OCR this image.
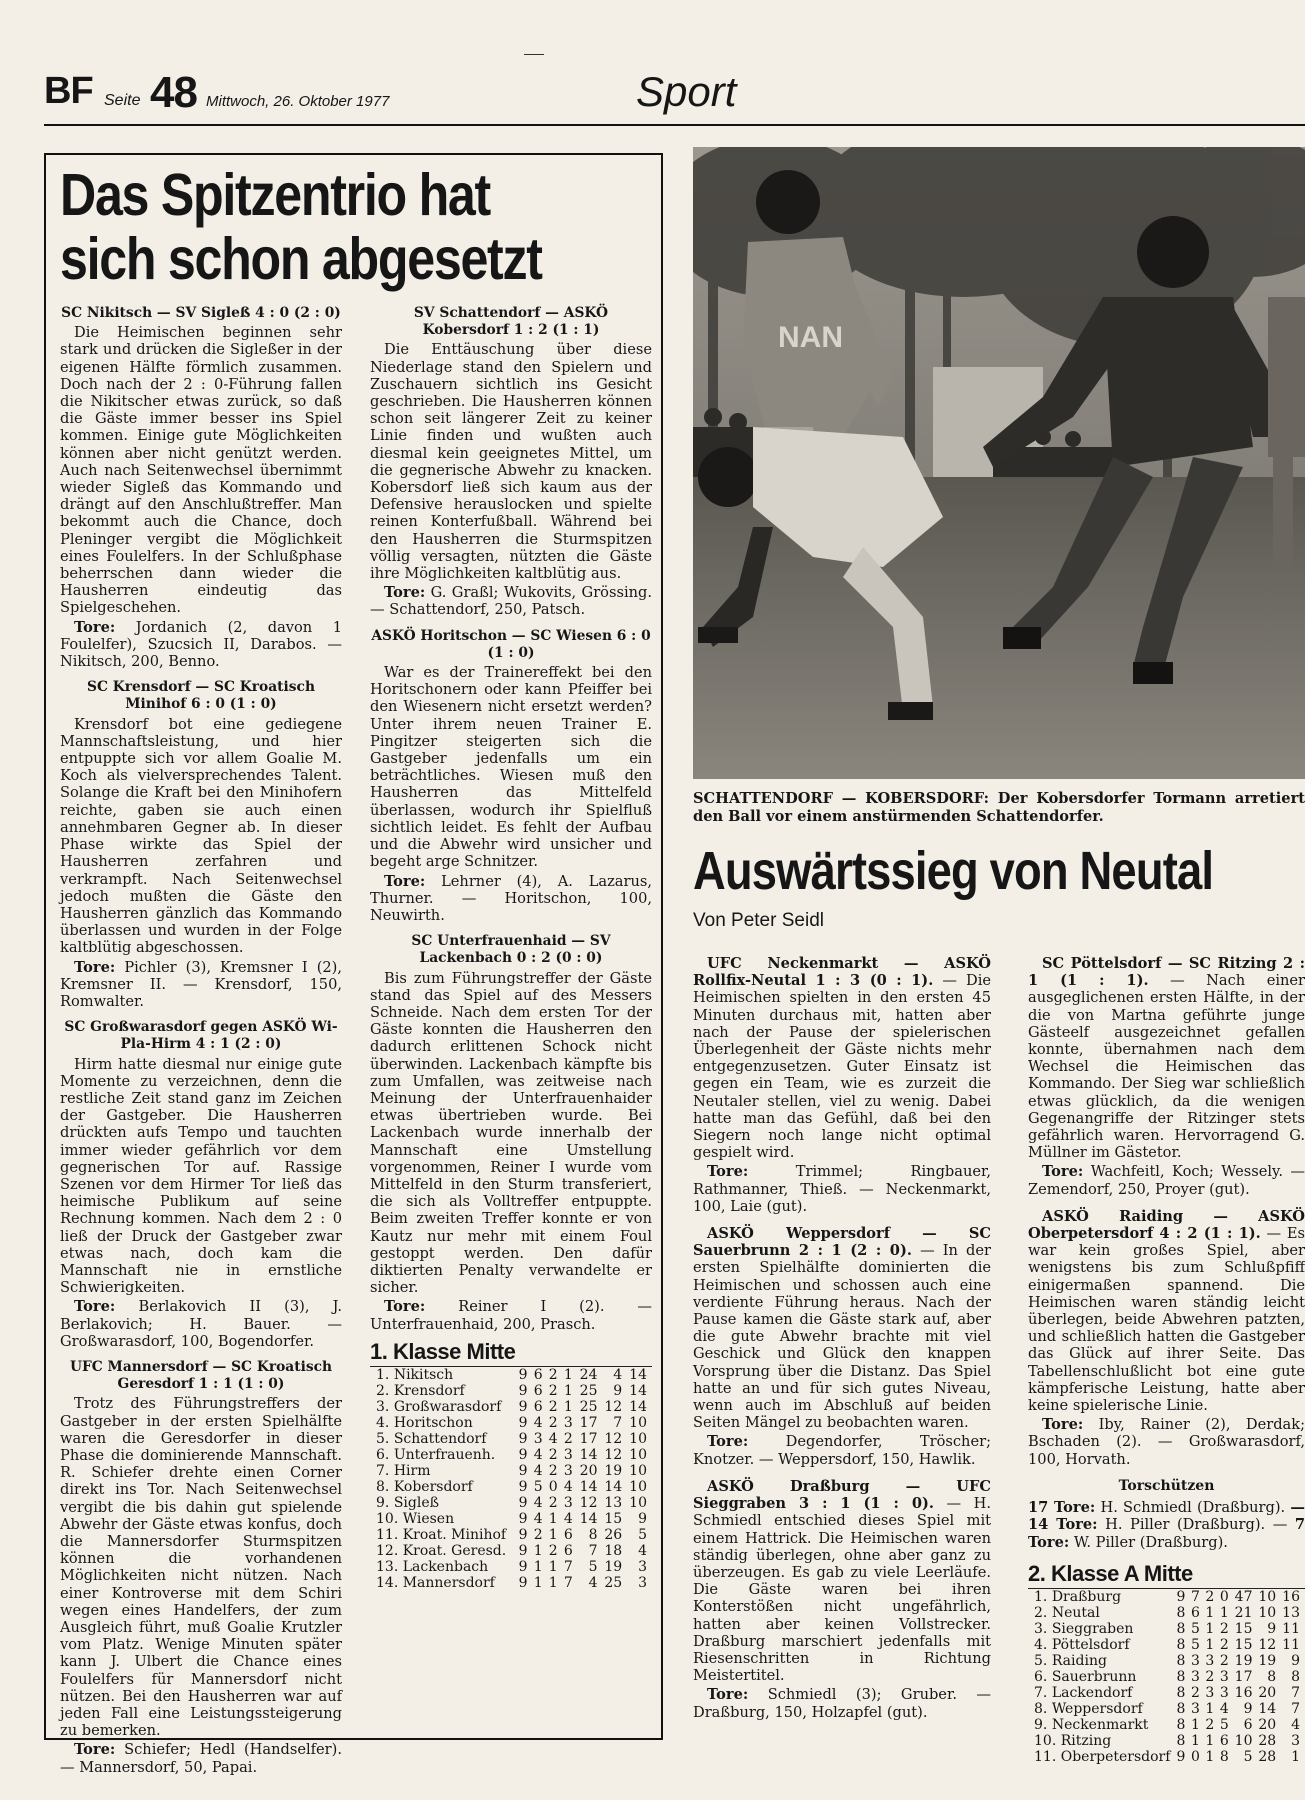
BF Seite 48 Mittwoch, 26. Oktober 1977	Sport
Das Spitzentrio hat
sich schon abgesetzt
SC Nikitsch — SV Sigleß 4 : 0 (2 : 0)

Die Heimischen beginnen sehr stark und drücken die Sigleßer in der eigenen Hälfte förmlich zusammen. Doch nach der 2 : 0-Führung fallen die Nikitscher etwas zurück, so daß die Gäste immer besser ins Spiel kommen. Einige gute Möglichkeiten können aber nicht genützt werden. Auch nach Seitenwechsel übernimmt wieder Sigleß das Kommando und drängt auf den Anschlußtreffer. Man bekommt auch die Chance, doch Pleninger vergibt die Möglichkeit eines Foulelfers. In der Schlußphase beherrschen dann wieder die Hausherren eindeutig das Spielgeschehen.

Tore: Jordanich (2, davon 1 Foulelfer), Szucsich II, Darabos. — Nikitsch, 200, Benno.

SC Krensdorf — SC Kroatisch Minihof 6 : 0 (1 : 0)

Krensdorf bot eine gediegene Mannschaftsleistung, und hier entpuppte sich vor allem Goalie M. Koch als vielversprechendes Talent. Solange die Kraft bei den Minihofern reichte, gaben sie auch einen annehmbaren Gegner ab. In dieser Phase wirkte das Spiel der Hausherren zerfahren und verkrampft. Nach Seitenwechsel jedoch mußten die Gäste den Hausherren gänzlich das Kommando überlassen und wurden in der Folge kaltblütig abgeschossen.

Tore: Pichler (3), Kremsner I (2), Kremsner II. — Krensdorf, 150, Romwalter.

SC Großwarasdorf gegen ASKÖ Wi-Pla-Hirm 4 : 1 (2 : 0)

Hirm hatte diesmal nur einige gute Momente zu verzeichnen, denn die restliche Zeit stand ganz im Zeichen der Gastgeber. Die Hausherren drückten aufs Tempo und tauchten immer wieder gefährlich vor dem gegnerischen Tor auf. Rassige Szenen vor dem Hirmer Tor ließ das heimische Publikum auf seine Rechnung kommen. Nach dem 2 : 0 ließ der Druck der Gastgeber zwar etwas nach, doch kam die Mannschaft nie in ernstliche Schwierigkeiten.

Tore: Berlakovich II (3), J. Berlakovich; H. Bauer. — Großwarasdorf, 100, Bogendorfer.

UFC Mannersdorf — SC Kroatisch Geresdorf 1 : 1 (1 : 0)

Trotz des Führungstreffers der Gastgeber in der ersten Spielhälfte waren die Geresdorfer in dieser Phase die dominierende Mannschaft. R. Schiefer drehte einen Corner direkt ins Tor. Nach Seitenwechsel vergibt die bis dahin gut spielende Abwehr der Gäste etwas konfus, doch die Mannersdorfer Sturmspitzen können die vorhandenen Möglichkeiten nicht nützen. Nach einer Kontroverse mit dem Schiri wegen eines Handelfers, der zum Ausgleich führt, muß Goalie Krutzler vom Platz. Wenige Minuten später kann J. Ulbert die Chance eines Foulelfers für Mannersdorf nicht nützen. Bei den Hausherren war auf jeden Fall eine Leistungssteigerung zu bemerken.

Tore: Schiefer; Hedl (Handselfer). — Mannersdorf, 50, Papai.

SV Schattendorf — ASKÖ Kobersdorf 1 : 2 (1 : 1)

Die Enttäuschung über diese Niederlage stand den Spielern und Zuschauern sichtlich ins Gesicht geschrieben. Die Hausherren können schon seit längerer Zeit zu keiner Linie finden und wußten auch diesmal kein geeignetes Mittel, um die gegnerische Abwehr zu knacken. Kobersdorf ließ sich kaum aus der Defensive herauslocken und spielte reinen Konterfußball. Während bei den Hausherren die Sturmspitzen völlig versagten, nützten die Gäste ihre Möglichkeiten kaltblütig aus.

Tore: G. Graßl; Wukovits, Grössing. — Schattendorf, 250, Patsch.

ASKÖ Horitschon — SC Wiesen 6 : 0 (1 : 0)

War es der Trainereffekt bei den Horitschonern oder kann Pfeiffer bei den Wiesenern nicht ersetzt werden? Unter ihrem neuen Trainer E. Pingitzer steigerten sich die Gastgeber jedenfalls um ein beträchtliches. Wiesen muß den Hausherren das Mittelfeld überlassen, wodurch ihr Spielfluß sichtlich leidet. Es fehlt der Aufbau und die Abwehr wird unsicher und begeht arge Schnitzer.

Tore: Lehrner (4), A. Lazarus, Thurner. — Horitschon, 100, Neuwirth.

SC Unterfrauenhaid — SV Lackenbach 0 : 2 (0 : 0)

Bis zum Führungstreffer der Gäste stand das Spiel auf des Messers Schneide. Nach dem ersten Tor der Gäste konnten die Hausherren den dadurch erlittenen Schock nicht überwinden. Lackenbach kämpfte bis zum Umfallen, was zeitweise nach Meinung der Unterfrauenhaider etwas übertrieben wurde. Bei Lackenbach wurde innerhalb der Mannschaft eine Umstellung vorgenommen, Reiner I wurde vom Mittelfeld in den Sturm transferiert, die sich als Volltreffer entpuppte. Beim zweiten Treffer konnte er von Kautz nur mehr mit einem Foul gestoppt werden. Den dafür diktierten Penalty verwandelte er sicher.

Tore: Reiner I (2). — Unterfrauenhaid, 200, Prasch.

1. Klasse Mitte
1. Nikitsch	9	6	2	1	24	4	14
2. Krensdorf	9	6	2	1	25	9	14
3. Großwarasdorf	9	6	2	1	25	12	14
4. Horitschon	9	4	2	3	17	7	10
5. Schattendorf	9	3	4	2	17	12	10
6. Unterfrauenh.	9	4	2	3	14	12	10
7. Hirm	9	4	2	3	20	19	10
8. Kobersdorf	9	5	0	4	14	14	10
9. Sigleß	9	4	2	3	12	13	10
10. Wiesen	9	4	1	4	14	15	9
11. Kroat. Minihof	9	2	1	6	8	26	5
12. Kroat. Geresd.	9	1	2	6	7	18	4
13. Lackenbach	9	1	1	7	5	19	3
14. Mannersdorf	9	1	1	7	4	25	3
NAN
SCHATTENDORF — KOBERSDORF: Der Kobersdorfer Tormann arretiert den Ball vor einem anstürmenden Schattendorfer.
Auswärtssieg von Neutal
Von Peter Seidl

UFC Neckenmarkt — ASKÖ Rollfix-Neutal 1 : 3 (0 : 1). — Die Heimischen spielten in den ersten 45 Minuten durchaus mit, hatten aber nach der Pause der spielerischen Überlegenheit der Gäste nichts mehr entgegenzusetzen. Guter Einsatz ist gegen ein Team, wie es zurzeit die Neutaler stellen, viel zu wenig. Dabei hatte man das Gefühl, daß bei den Siegern noch lange nicht optimal gespielt wird.

Tore:	Trimmel; Ringbauer, Rathmanner, Thieß. — Neckenmarkt, 100, Laie (gut).

ASKÖ Weppersdorf — SC Sauerbrunn 2 : 1 (2 : 0). — In der ersten Spielhälfte dominierten die Heimischen und schossen auch eine verdiente Führung heraus. Nach der Pause kamen die Gäste stark auf, aber die gute Abwehr brachte mit viel Geschick und Glück den knappen Vorsprung über die Distanz. Das Spiel hatte an und für sich gutes Niveau, wenn auch im Abschluß auf beiden Seiten Mängel zu beobachten waren.

Tore:	Degendorfer, Tröscher; Knotzer. — Weppersdorf, 150, Hawlik.

ASKÖ Draßburg — UFC Sieggraben 3 : 1 (1 : 0). — H. Schmiedl entschied dieses Spiel mit einem Hattrick. Die Heimischen waren ständig überlegen, ohne aber ganz zu überzeugen. Es gab zu viele Leerläufe. Die Gäste waren bei ihren Konterstößen nicht ungefährlich, hatten aber keinen Vollstrecker. Draßburg marschiert jedenfalls mit Riesenschritten in Richtung Meistertitel.

Tore: Schmiedl (3); Gruber. — Draßburg, 150, Holzapfel (gut).

SC Pöttelsdorf — SC Ritzing 2 : 1 (1 : 1). — Nach einer ausgeglichenen ersten Hälfte, in der die von Martna geführte junge Gästeelf ausgezeichnet gefallen konnte, übernahmen nach dem Wechsel die Heimischen das Kommando. Der Sieg war schließlich etwas glücklich, da die wenigen Gegenangriffe der Ritzinger stets gefährlich waren. Hervorragend G. Müllner im Gästetor.

Tore: Wachfeitl, Koch; Wessely. — Zemendorf, 250, Proyer (gut).

ASKÖ Raiding — ASKÖ Oberpetersdorf 4 : 2 (1 : 1). — Es war kein großes Spiel, aber wenigstens bis zum Schlußpfiff einigermaßen spannend. Die Heimischen waren ständig leicht überlegen, beide Abwehren patzten, und schließlich hatten die Gastgeber das Glück auf ihrer Seite. Das Tabellenschlußlicht bot eine gute kämpferische Leistung, hatte aber keine spielerische Linie.

Tore: Iby, Rainer (2), Derdak; Bschaden (2). — Großwarasdorf, 100, Horvath.

Torschützen

17 Tore: H. Schmiedl (Draßburg). — 14 Tore: H. Piller (Draßburg). — 7 Tore: W. Piller (Draßburg).

2. Klasse A Mitte
1. Draßburg	9	7	2	0	47	10	16
2. Neutal	8	6	1	1	21	10	13
3. Sieggraben	8	5	1	2	15	9	11
4. Pöttelsdorf	8	5	1	2	15	12	11
5. Raiding	8	3	3	2	19	19	9
6. Sauerbrunn	8	3	2	3	17	8	8
7. Lackendorf	8	2	3	3	16	20	7
8. Weppersdorf	8	3	1	4	9	14	7
9. Neckenmarkt	8	1	2	5	6	20	4
10. Ritzing	8	1	1	6	10	28	3
11. Oberpetersdorf	9	0	1	8	5	28	1
